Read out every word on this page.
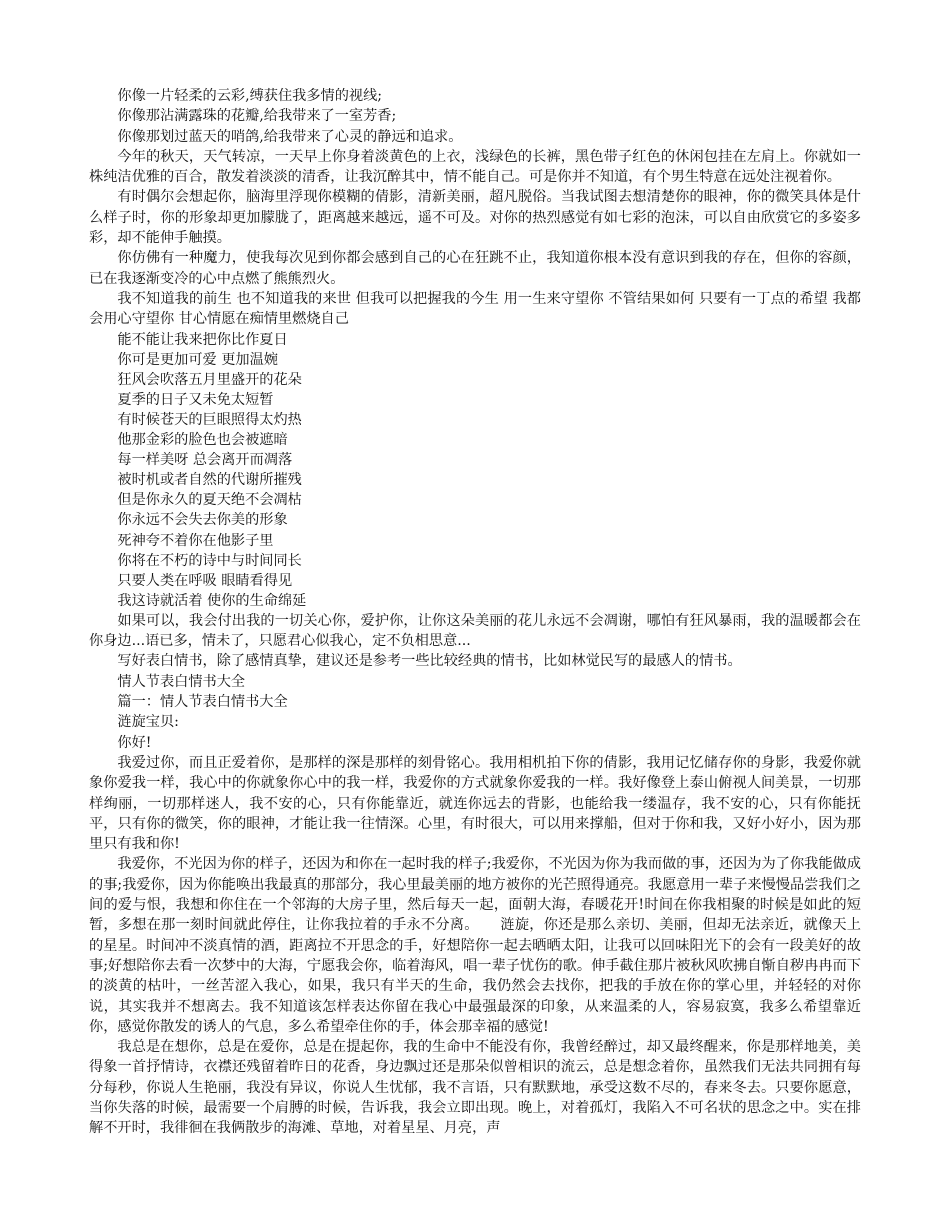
你像一片轻柔的云彩,缚获住我多情的视线;

你像那沾满露珠的花瓣,给我带来了一室芳香;

你像那划过蓝天的哨鸽,给我带来了心灵的静远和追求。

今年的秋天，天气转凉，一天早上你身着淡黄色的上衣，浅绿色的长裤，黑色带子红色的休闲包挂在左肩上。你就如一株纯洁优雅的百合，散发着淡淡的清香，让我沉醉其中，情不能自己。可是你并不知道，有个男生特意在远处注视着你。

有时偶尔会想起你，脑海里浮现你模糊的倩影，清新美丽，超凡脱俗。当我试图去想清楚你的眼神，你的微笑具体是什么样子时，你的形象却更加朦胧了，距离越来越远，遥不可及。对你的热烈感觉有如七彩的泡沫，可以自由欣赏它的多姿多彩，却不能伸手触摸。

你仿佛有一种魔力，使我每次见到你都会感到自己的心在狂跳不止，我知道你根本没有意识到我的存在，但你的容颜，已在我逐渐变冷的心中点燃了熊熊烈火。

我不知道我的前生 也不知道我的来世 但我可以把握我的今生 用一生来守望你 不管结果如何 只要有一丁点的希望 我都会用心守望你 甘心情愿在痴情里燃烧自己

能不能让我来把你比作夏日

你可是更加可爱 更加温婉

狂风会吹落五月里盛开的花朵

夏季的日子又未免太短暂

有时候苍天的巨眼照得太灼热

他那金彩的脸色也会被遮暗

每一样美呀 总会离开而凋落

被时机或者自然的代谢所摧残

但是你永久的夏天绝不会凋枯

你永远不会失去你美的形象

死神夸不着你在他影子里

你将在不朽的诗中与时间同长

只要人类在呼吸 眼睛看得见

我这诗就活着 使你的生命绵延

如果可以，我会付出我的一切关心你，爱护你，让你这朵美丽的花儿永远不会凋谢，哪怕有狂风暴雨，我的温暖都会在你身边...语已多，情未了，只愿君心似我心，定不负相思意...

写好表白情书，除了感情真挚，建议还是参考一些比较经典的情书，比如林觉民写的最感人的情书。

情人节表白情书大全

篇一：情人节表白情书大全

涟旋宝贝:

你好!

我爱过你，而且正爱着你，是那样的深是那样的刻骨铭心。我用相机拍下你的倩影，我用记忆储存你的身影，我爱你就象你爱我一样，我心中的你就象你心中的我一样，我爱你的方式就象你爱我的一样。我好像登上泰山俯视人间美景，一切那样绚丽，一切那样迷人，我不安的心，只有你能靠近，就连你远去的背影，也能给我一缕温存，我不安的心，只有你能抚平，只有你的微笑，你的眼神，才能让我一往情深。心里，有时很大，可以用来撑船，但对于你和我，又好小好小，因为那里只有我和你!

我爱你，不光因为你的样子，还因为和你在一起时我的样子;我爱你，不光因为你为我而做的事，还因为为了你我能做成的事;我爱你，因为你能唤出我最真的那部分，我心里最美丽的地方被你的光芒照得通亮。我愿意用一辈子来慢慢品尝我们之间的爱与恨，我想和你住在一个邻海的大房子里，然后每天一起，面朝大海，春暖花开!时间在你我相聚的时候是如此的短暂，多想在那一刻时间就此停住，让你我拉着的手永不分离。　　涟旋，你还是那么亲切、美丽，但却无法亲近，就像天上的星星。时间冲不淡真情的酒，距离拉不开思念的手，好想陪你一起去晒晒太阳，让我可以回味阳光下的会有一段美好的故事;好想陪你去看一次梦中的大海，宁愿我会你，临着海风，唱一辈子忧伤的歌。伸手截住那片被秋风吹拂自惭自秽冉冉而下的淡黄的枯叶，一丝苦涩入我心，如果，我只有半天的生命，我仍然会去找你，把我的手放在你的掌心里，并轻轻的对你说，其实我并不想离去。我不知道该怎样表达你留在我心中最强最深的印象，从来温柔的人，容易寂寞，我多么希望靠近你，感觉你散发的诱人的气息，多么希望牵住你的手，体会那幸福的感觉!

我总是在想你，总是在爱你，总是在提起你，我的生命中不能没有你，我曾经醉过，却又最终醒来，你是那样地美，美得象一首抒情诗，衣襟还残留着昨日的花香，身边飘过还是那朵似曾相识的流云，总是想念着你，虽然我们无法共同拥有每分每秒，你说人生艳丽，我没有异议，你说人生忧郁，我不言语，只有默默地，承受这数不尽的，春来冬去。只要你愿意，当你失落的时候，最需要一个肩膊的时候，告诉我，我会立即出现。晚上，对着孤灯，我陷入不可名状的思念之中。实在排解不开时，我徘徊在我俩散步的海滩、草地，对着星星、月亮，声
